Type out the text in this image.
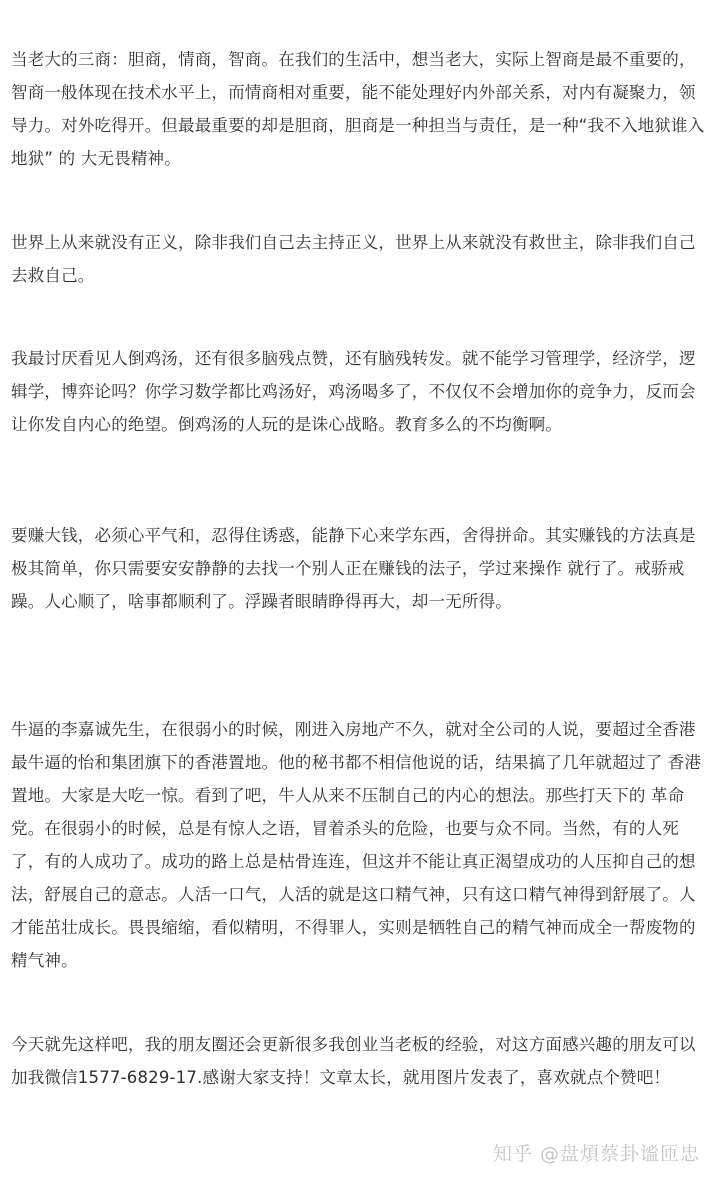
当老大的三商：胆商，情商，智商。在我们的生活中，想当老大，实际上智商是最不重要的，智商一般体现在技术水平上，而情商相对重要，能不能处理好内外部关系，对内有凝聚力，领导力。对外吃得开。但最最重要的却是胆商，胆商是一种担当与责任，是一种“我不入地狱谁入地狱” 的 大无畏精神。

世界上从来就没有正义，除非我们自己去主持正义，世界上从来就没有救世主，除非我们自己去救自己。

我最讨厌看见人倒鸡汤，还有很多脑残点赞，还有脑残转发。就不能学习管理学，经济学，逻辑学，博弈论吗？你学习数学都比鸡汤好，鸡汤喝多了，不仅仅不会增加你的竞争力，反而会让你发自内心的绝望。倒鸡汤的人玩的是诛心战略。教育多么的不均衡啊。

要赚大钱，必须心平气和，忍得住诱惑，能静下心来学东西，舍得拼命。其实赚钱的方法真是极其简单，你只需要安安静静的去找一个别人正在赚钱的法子，学过来操作 就行了。戒骄戒躁。人心顺了，啥事都顺利了。浮躁者眼睛睁得再大，却一无所得。

牛逼的李嘉诚先生，在很弱小的时候，刚进入房地产不久，就对全公司的人说，要超过全香港最牛逼的怡和集团旗下的香港置地。他的秘书都不相信他说的话，结果搞了几年就超过了 香港置地。大家是大吃一惊。看到了吧，牛人从来不压制自己的内心的想法。那些打天下的 革命党。在很弱小的时候，总是有惊人之语，冒着杀头的危险，也要与众不同。当然，有的人死了，有的人成功了。成功的路上总是枯骨连连，但这并不能让真正渴望成功的人压抑自己的想法，舒展自己的意志。人活一口气，人活的就是这口精气神，只有这口精气神得到舒展了。人才能茁壮成长。畏畏缩缩，看似精明，不得罪人，实则是牺牲自己的精气神而成全一帮废物的精气神。

今天就先这样吧，我的朋友圈还会更新很多我创业当老板的经验，对这方面感兴趣的朋友可以加我微信1577-6829-17.感谢大家支持！文章太长，就用图片发表了，喜欢就点个赞吧！

知乎 @盘煩蔡卦谧匝忠
